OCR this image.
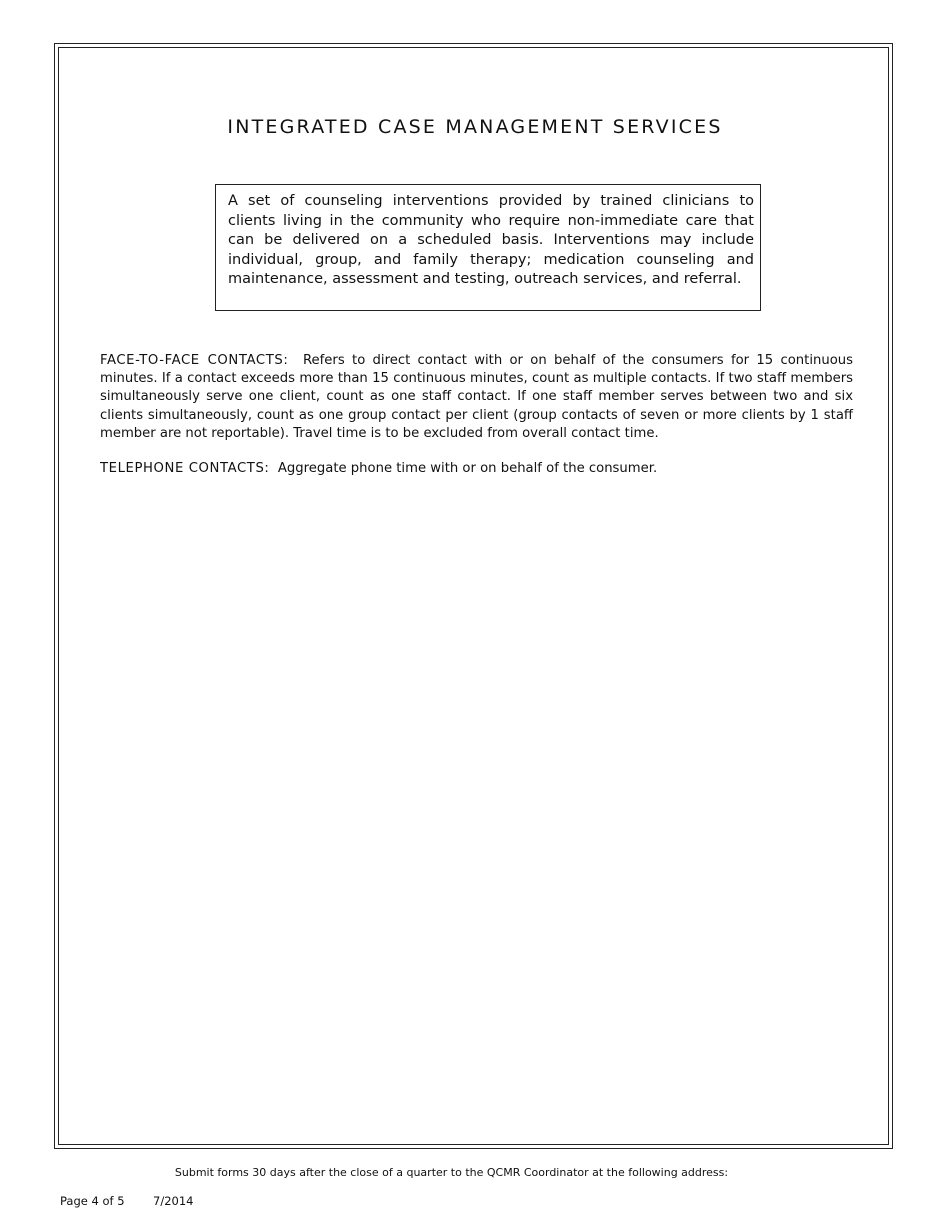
INTEGRATED CASE MANAGEMENT SERVICES

A set of counseling interventions provided by trained clinicians to clients living in the community who require non-immediate care that can be delivered on a scheduled basis. Interventions may include individual, group, and family therapy; medication counseling and maintenance, assessment and testing, outreach services, and referral.

FACE-TO-FACE CONTACTS: Refers to direct contact with or on behalf of the consumers for 15 continuous minutes. If a contact exceeds more than 15 continuous minutes, count as multiple contacts. If two staff members simultaneously serve one client, count as one staff contact. If one staff member serves between two and six clients simultaneously, count as one group contact per client (group contacts of seven or more clients by 1 staff member are not reportable). Travel time is to be excluded from overall contact time.
TELEPHONE CONTACTS: Aggregate phone time with or on behalf of the consumer.
Submit forms 30 days after the close of a quarter to the QCMR Coordinator at the following address:
Page 4 of 5 7/2014
